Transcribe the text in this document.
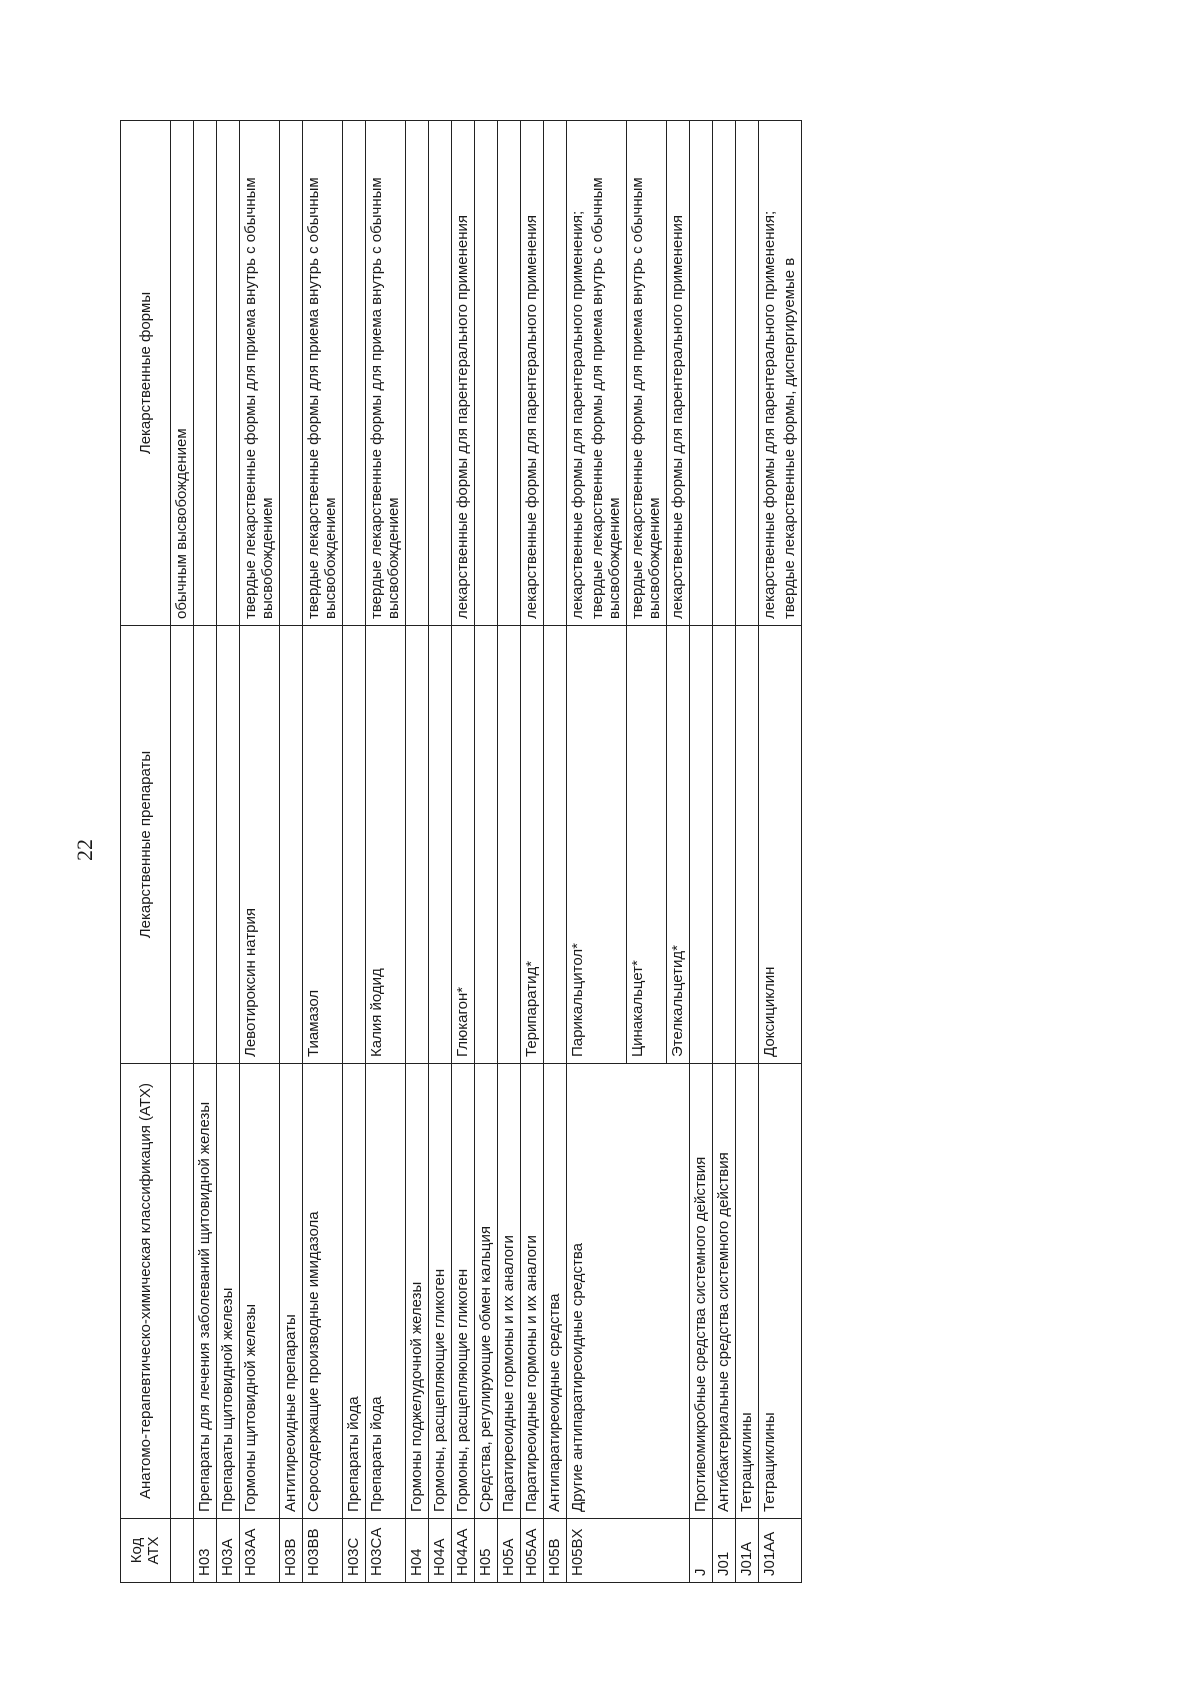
22
Код АТХ	Анатомо-терапевтическо-химическая классификация (АТХ)	Лекарственные препараты	Лекарственные формы
			обычным высвобождением
H03	Препараты для лечения заболеваний щитовидной железы		
H03A	Препараты щитовидной железы		
H03AA	Гормоны щитовидной железы	Левотироксин натрия	твердые лекарственные формы для приема внутрь с обычным высвобождением
H03B	Антитиреоидные препараты		
H03BB	Серосодержащие производные имидазола	Тиамазол	твердые лекарственные формы для приема внутрь с обычным высвобождением
H03C	Препараты йода		
H03CA	Препараты йода	Калия йодид	твердые лекарственные формы для приема внутрь с обычным высвобождением
H04	Гормоны поджелудочной железы		
H04A	Гормоны, расщепляющие гликоген		
H04AA	Гормоны, расщепляющие гликоген	Глюкагон*	лекарственные формы для парентерального применения
H05	Средства, регулирующие обмен кальция		
H05A	Паратиреоидные гормоны и их аналоги		
H05AA	Паратиреоидные гормоны и их аналоги	Терипаратид*	лекарственные формы для парентерального применения
H05B	Антипаратиреоидные средства		
H05BX	Другие антипаратиреоидные средства	Парикальцитол*	лекарственные формы для парентерального применения; твердые лекарственные формы для приема внутрь с обычным высвобождением

		Цинакальцет*	твердые лекарственные формы для приема внутрь с обычным высвобождением
		Этелкальцетид*	лекарственные формы для парентерального применения
J	Противомикробные средства системного действия		
J01	Антибактериальные средства системного действия		
J01A	Тетрациклины		
J01AA	Тетрациклины	Доксициклин	лекарственные формы для парентерального применения; твердые лекарственные формы, диспергируемые в
